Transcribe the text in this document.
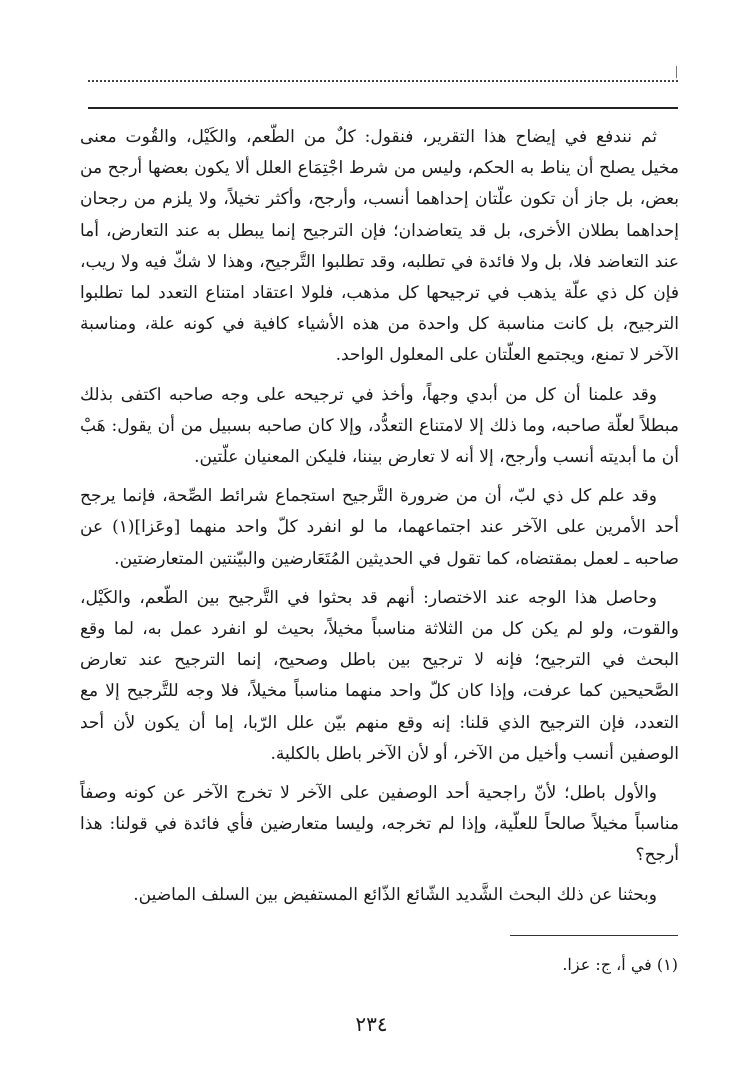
ثم نندفع في إيضاح هذا التقرير، فنقول: كلٌ من الطّعم، والكَيْل، والقُوت معنى مخيل يصلح أن يناط به الحكم، وليس من شرط اجْتِمَاع العلل ألا يكون بعضها أرجح من بعض، بل جاز أن تكون علّتان إحداهما أنسب، وأرجح، وأكثر تخيلاً، ولا يلزم من رجحان إحداهما بطلان الأخرى، بل قد يتعاضدان؛ فإن الترجيح إنما يبطل به عند التعارض، أما عند التعاضد فلا، بل ولا فائدة في تطلبه، وقد تطلبوا التَّرجيح، وهذا لا شكّ فيه ولا ريب، فإن كل ذي علّة يذهب في ترجيحها كل مذهب، فلولا اعتقاد امتناع التعدد لما تطلبوا الترجيح، بل كانت مناسبة كل واحدة من هذه الأشياء كافية في كونه علة، ومناسبة الآخر لا تمنع، ويجتمع العلّتان على المعلول الواحد.

وقد علمنا أن كل من أبدي وجهاً، وأخذ في ترجيحه على وجه صاحبه اكتفى بذلك مبطلاً لعلّة صاحبه، وما ذلك إلا لامتناع التعدُّد، وإلا كان صاحبه بسبيل من أن يقول: هَبْ أن ما أبديته أنسب وأرجح، إلا أنه لا تعارض بيننا، فليكن المعنيان علّتين.

وقد علم كل ذي لبّ، أن من ضرورة التَّرجيح استجماع شرائط الصِّحة، فإنما يرجح أحد الأمرين على الآخر عند اجتماعهما، ما لو انفرد كلّ واحد منهما [وعَزا](١) عن صاحبه ـ لعمل بمقتضاه، كما تقول في الحديثين المُتَعَارضين والبيّنتين المتعارضتين.

وحاصل هذا الوجه عند الاختصار: أنهم قد بحثوا في التَّرجيح بين الطّعم، والكَيْل، والقوت، ولو لم يكن كل من الثلاثة مناسباً مخيلاً، بحيث لو انفرد عمل به، لما وقع البحث في الترجيح؛ فإنه لا ترجيح بين باطل وصحيح، إنما الترجيح عند تعارض الصَّحيحين كما عرفت، وإذا كان كلّ واحد منهما مناسباً مخيلاً، فلا وجه للتَّرجيح إلا مع التعدد، فإن الترجيح الذي قلنا: إنه وقع منهم بيّن علل الرّبا، إما أن يكون لأن أحد الوصفين أنسب وأخيل من الآخر، أو لأن الآخر باطل بالكلية.

والأول باطل؛ لأنّ راجحية أحد الوصفين على الآخر لا تخرج الآخر عن كونه وصفاً مناسباً مخيلاً صالحاً للعلّية، وإذا لم تخرجه، وليسا متعارضين فأي فائدة في قولنا: هذا أرجح؟

وبحثنا عن ذلك البحث الشَّديد الشّائع الذّائع المستفيض بين السلف الماضين.

(١) في أ، ج: عزا.
٢٣٤
